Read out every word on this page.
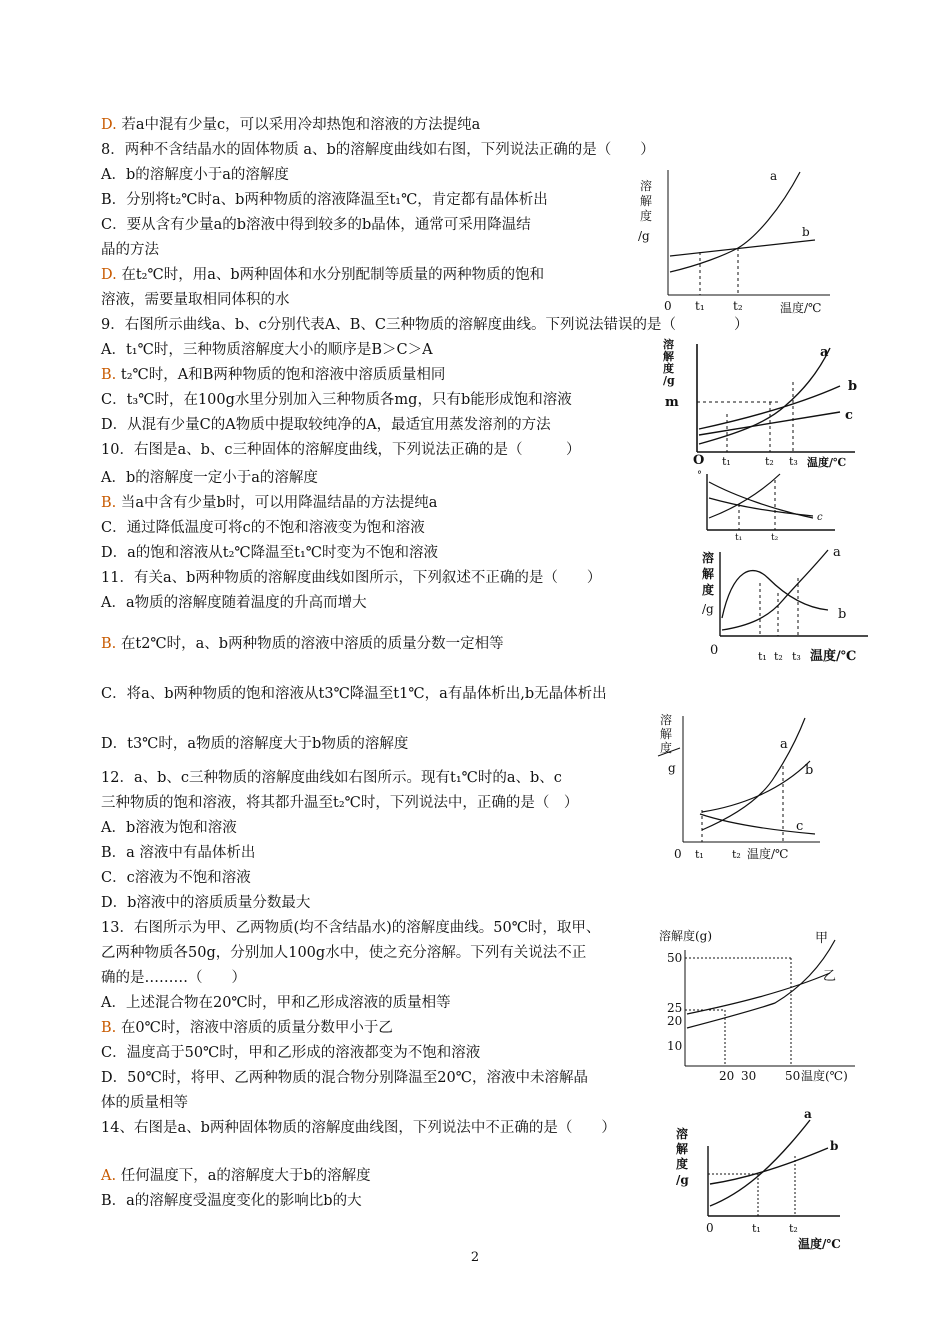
D. 若a中混有少量c，可以采用冷却热饱和溶液的方法提纯a
8．两种不含结晶水的固体物质 a、b的溶解度曲线如右图，下列说法正确的是（　　）
A．b的溶解度小于a的溶解度
B．分别将t₂℃时a、b两种物质的溶液降温至t₁℃，肯定都有晶体析出
C．要从含有少量a的b溶液中得到较多的b晶体，通常可采用降温结
晶的方法
D. 在t₂℃时，用a、b两种固体和水分别配制等质量的两种物质的饱和
溶液，需要量取相同体积的水
9．右图所示曲线a、b、c分别代表A、B、C三种物质的溶解度曲线。下列说法错误的是（　　　　）
A．t₁℃时，三种物质溶解度大小的顺序是B＞C＞A
B. t₂℃时，A和B两种物质的饱和溶液中溶质质量相同
C．t₃℃时，在100g水里分别加入三种物质各mg，只有b能形成饱和溶液
D．从混有少量C的A物质中提取较纯净的A，最适宜用蒸发溶剂的方法
10．右图是a、b、c三种固体的溶解度曲线，下列说法正确的是（　　　）
A．b的溶解度一定小于a的溶解度
B. 当a中含有少量b时，可以用降温结晶的方法提纯a
C．通过降低温度可将c的不饱和溶液变为饱和溶液
D．a的饱和溶液从t₂℃降温至t₁℃时变为不饱和溶液
11．有关a、b两种物质的溶解度曲线如图所示，下列叙述不正确的是（　　）
A．a物质的溶解度随着温度的升高而增大
B. 在t2℃时，a、b两种物质的溶液中溶质的质量分数一定相等
C．将a、b两种物质的饱和溶液从t3℃降温至t1℃，a有晶体析出,b无晶体析出
D．t3℃时，a物质的溶解度大于b物质的溶解度
12．a、b、c三种物质的溶解度曲线如右图所示。现有t₁℃时的a、b、c
三种物质的饱和溶液，将其都升温至t₂℃时，下列说法中，正确的是（　）
A．b溶液为饱和溶液
B．a 溶液中有晶体析出
C．c溶液为不饱和溶液
D．b溶液中的溶质质量分数最大
13．右图所示为甲、乙两物质(均不含结晶水)的溶解度曲线。50℃时，取甲、
乙两种物质各50g，分别加人100g水中，使之充分溶解。下列有关说法不正
确的是………（　　）
A．上述混合物在20℃时，甲和乙形成溶液的质量相等
B. 在0℃时，溶液中溶质的质量分数甲小于乙
C．温度高于50℃时，甲和乙形成的溶液都变为不饱和溶液
D．50℃时，将甲、乙两种物质的混合物分别降温至20℃，溶液中未溶解晶
体的质量相等
14、右图是a、b两种固体物质的溶解度曲线图，下列说法中不正确的是（　　）
A. 任何温度下，a的溶解度大于b的溶解度
B．a的溶解度受温度变化的影响比b的大
溶
解
度
/g
a
b
0 t₁ t₂	温度/℃
溶
解
度
/g
m
a
b
c
O t₁	t₂ t₃ 温度/℃
°
c
t₁	t₂
溶
解
度
/g
a
b
0	t₁ t₂ t₃ 温度/℃
溶
解
度
g
a
b
c
0 t₁	t₂ 温度/℃
溶解度(g)
50
25
20
10
甲
乙
20 30 50 温度(℃)
溶
解
度
/g
a
b
0	t₁	t₂
温度/℃
2
